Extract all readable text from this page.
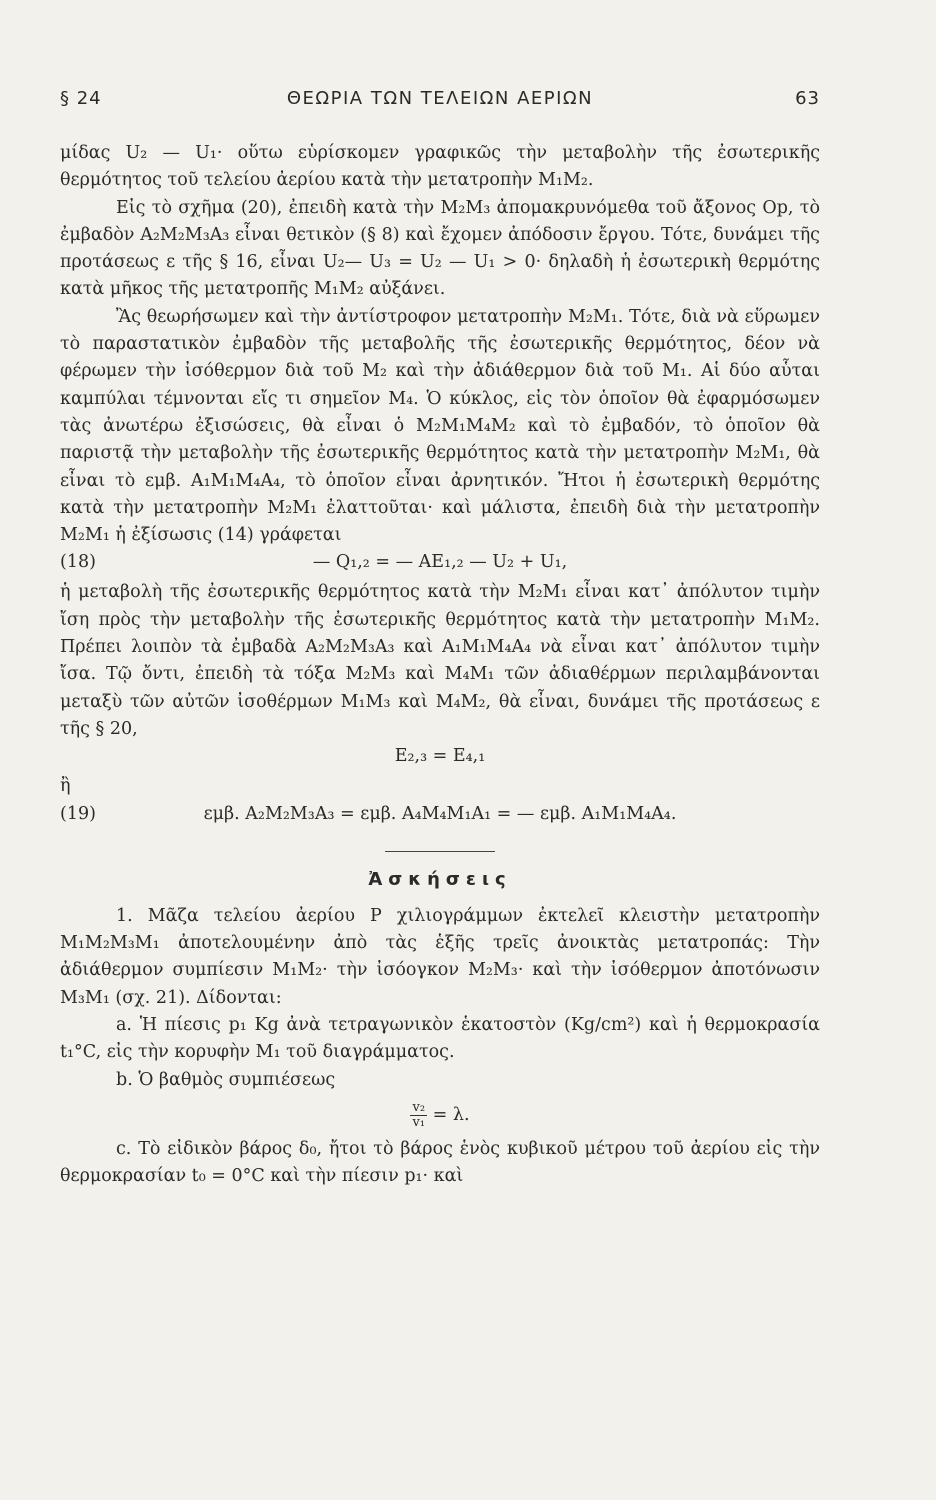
§ 24	ΘΕΩΡΙΑ ΤΩΝ ΤΕΛΕΙΩΝ ΑΕΡΙΩΝ	63

μίδας U₂ — U₁· οὕτω εὑρίσκομεν γραφικῶς τὴν μεταβολὴν τῆς ἐσωτερικῆς θερμότητος τοῦ τελείου ἀερίου κατὰ τὴν μετατροπὴν M₁M₂.

Εἰς τὸ σχῆμα (20), ἐπειδὴ κατὰ τὴν M₂M₃ ἀπομακρυνόμεθα τοῦ ἄξονος Op, τὸ ἐμβαδὸν A₂M₂M₃A₃ εἶναι θετικὸν (§ 8) καὶ ἔχομεν ἀπόδοσιν ἔργου. Τότε, δυνάμει τῆς προτάσεως ε τῆς § 16, εἶναι U₂— U₃ = U₂ — U₁ > 0· δηλαδὴ ἡ ἐσωτερικὴ θερμότης κατὰ μῆκος τῆς μετατροπῆς M₁M₂ αὐξάνει.

Ἂς θεωρήσωμεν καὶ τὴν ἀντίστροφον μετατροπὴν M₂M₁. Τότε, διὰ νὰ εὕρωμεν τὸ παραστατικὸν ἐμβαδὸν τῆς μεταβολῆς τῆς ἐσωτερικῆς θερμότητος, δέον νὰ φέρωμεν τὴν ἰσόθερμον διὰ τοῦ M₂ καὶ τὴν ἀδιάθερμον διὰ τοῦ M₁. Αἱ δύο αὗται καμπύλαι τέμνονται εἴς τι σημεῖον M₄. Ὁ κύκλος, εἰς τὸν ὁποῖον θὰ ἐφαρμόσωμεν τὰς ἀνωτέρω ἐξισώσεις, θὰ εἶναι ὁ M₂M₁M₄M₂ καὶ τὸ ἐμβαδόν, τὸ ὁποῖον θὰ παριστᾷ τὴν μεταβολὴν τῆς ἐσωτερικῆς θερμότητος κατὰ τὴν μετατροπὴν M₂M₁, θὰ εἶναι τὸ εμβ. A₁M₁M₄A₄, τὸ ὁποῖον εἶναι ἀρνητικόν. Ἤτοι ἡ ἐσωτερικὴ θερμότης κατὰ τὴν μετατροπὴν M₂M₁ ἐλαττοῦται· καὶ μάλιστα, ἐπειδὴ διὰ τὴν μετατροπὴν M₂M₁ ἡ ἐξίσωσις (14) γράφεται

(18)	— Q₁,₂ = — AE₁,₂ — U₂ + U₁,

ἡ μεταβολὴ τῆς ἐσωτερικῆς θερμότητος κατὰ τὴν M₂M₁ εἶναι κατ᾽ ἀπόλυτον τιμὴν ἴση πρὸς τὴν μεταβολὴν τῆς ἐσωτερικῆς θερμότητος κατὰ τὴν μετατροπὴν M₁M₂. Πρέπει λοιπὸν τὰ ἐμβαδὰ A₂M₂M₃A₃ καὶ A₁M₁M₄A₄ νὰ εἶναι κατ᾽ ἀπόλυτον τιμὴν ἴσα. Τῷ ὄντι, ἐπειδὴ τὰ τόξα M₂M₃ καὶ M₄M₁ τῶν ἀδιαθέρμων περιλαμβάνονται μεταξὺ τῶν αὐτῶν ἰσοθέρμων M₁M₃ καὶ M₄M₂, θὰ εἶναι, δυνάμει τῆς προτάσεως ε τῆς § 20,

E₂,₃ = E₄,₁

ἢ

(19)	εμβ. A₂M₂M₃A₃ = εμβ. A₄M₄M₁A₁ = — εμβ. A₁M₁M₄A₄.
Ἀσκήσεις

1. Μᾶζα τελείου ἀερίου P χιλιογράμμων ἐκτελεῖ κλειστὴν μετατροπὴν M₁M₂M₃M₁ ἀποτελουμένην ἀπὸ τὰς ἑξῆς τρεῖς ἀνοικτὰς μετατροπάς: Τὴν ἀδιάθερμον συμπίεσιν M₁M₂· τὴν ἰσόογκον M₂M₃· καὶ τὴν ἰσόθερμον ἀποτόνωσιν M₃M₁ (σχ. 21). Δίδονται:

a. Ἡ πίεσις p₁ Kg ἀνὰ τετραγωνικὸν ἑκατοστὸν (Kg/cm²) καὶ ἡ θερμοκρασία t₁°C, εἰς τὴν κορυφὴν M₁ τοῦ διαγράμματος.

b. Ὁ βαθμὸς συμπιέσεως

$\frac{\text{v₂}}{\text{v₁}} = \lambda$.

c. Τὸ εἰδικὸν βάρος δ₀, ἤτοι τὸ βάρος ἑνὸς κυβικοῦ μέτρου τοῦ ἀερίου εἰς τὴν θερμοκρασίαν t₀ = 0°C καὶ τὴν πίεσιν p₁· καὶ
